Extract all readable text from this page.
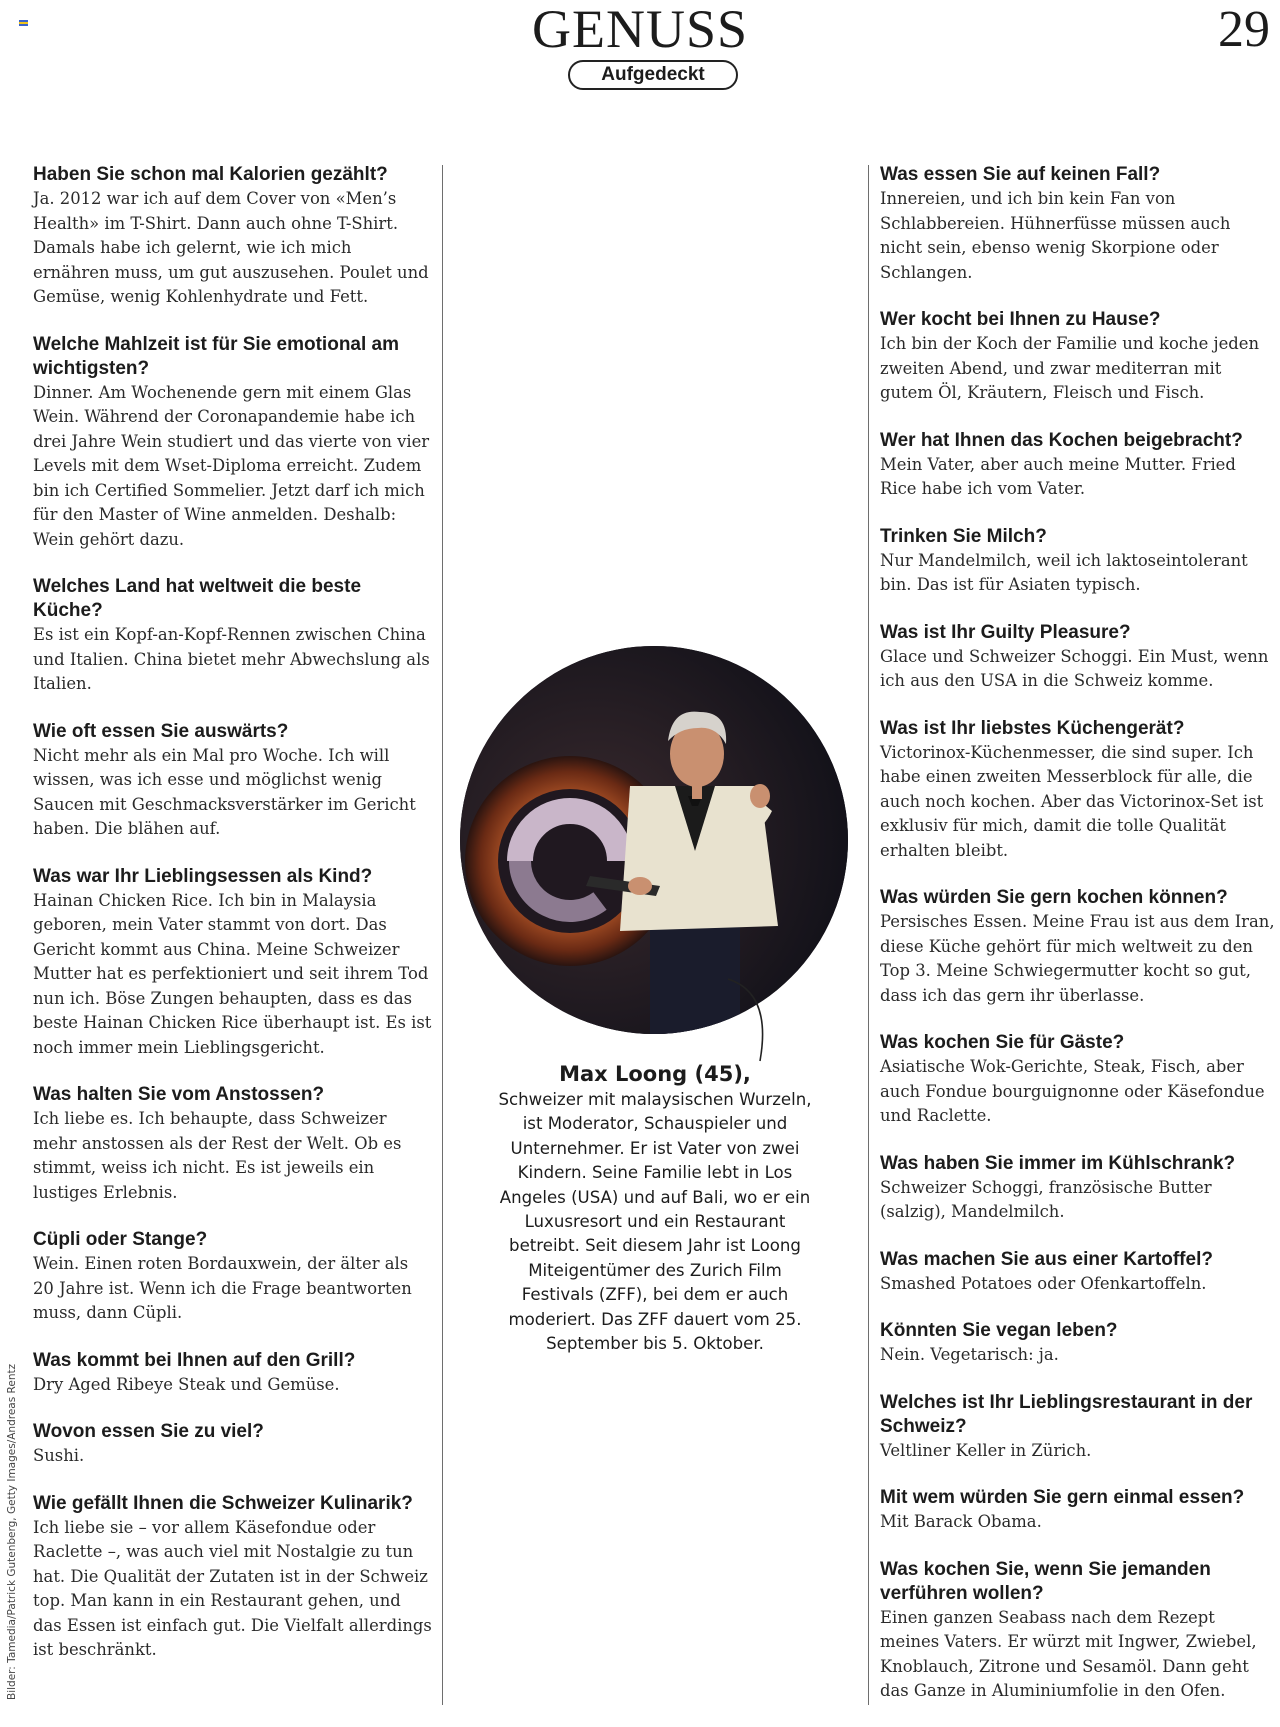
GENUSS	29
Aufgedeckt

Haben Sie schon mal Kalorien gezählt?

Ja. 2012 war ich auf dem Cover von «Men’s Health» im T-Shirt. Dann auch ohne T-Shirt. Damals habe ich gelernt, wie ich mich ernähren muss, um gut auszusehen. Poulet und Gemüse, wenig Kohlenhydrate und Fett.

Welche Mahlzeit ist für Sie emotional am wichtigsten?

Dinner. Am Wochenende gern mit einem Glas Wein. Während der Coronapandemie habe ich drei Jahre Wein studiert und das vierte von vier Levels mit dem Wset-Diploma erreicht. Zudem bin ich Certified Sommelier. Jetzt darf ich mich für den Master of Wine anmelden. Deshalb: Wein gehört dazu.

Welches Land hat weltweit die beste Küche?

Es ist ein Kopf-an-Kopf-Rennen zwischen China und Italien. China bietet mehr Abwechslung als Italien.

Wie oft essen Sie auswärts?

Nicht mehr als ein Mal pro Woche. Ich will wissen, was ich esse und möglichst wenig Saucen mit Geschmacksverstärker im Gericht haben. Die blähen auf.

Was war Ihr Lieblingsessen als Kind?

Hainan Chicken Rice. Ich bin in Malaysia geboren, mein Vater stammt von dort. Das Gericht kommt aus China. Meine Schweizer Mutter hat es perfektioniert und seit ihrem Tod nun ich. Böse Zungen behaupten, dass es das beste Hainan Chicken Rice überhaupt ist. Es ist noch immer mein Lieblingsgericht.

Was halten Sie vom Anstossen?

Ich liebe es. Ich behaupte, dass Schweizer mehr anstossen als der Rest der Welt. Ob es stimmt, weiss ich nicht. Es ist jeweils ein lustiges Erlebnis.

Cüpli oder Stange?

Wein. Einen roten Bordauxwein, der älter als 20 Jahre ist. Wenn ich die Frage beantworten muss, dann Cüpli.

Was kommt bei Ihnen auf den Grill?

Dry Aged Ribeye Steak und Gemüse.

Wovon essen Sie zu viel?

Sushi.

Wie gefällt Ihnen die Schweizer Kulinarik?

Ich liebe sie – vor allem Käsefondue oder Raclette –, was auch viel mit Nostalgie zu tun hat. Die Qualität der Zutaten ist in der Schweiz top. Man kann in ein Restaurant gehen, und das Essen ist einfach gut. Die Vielfalt allerdings ist beschränkt.

Was essen Sie auf keinen Fall?

Innereien, und ich bin kein Fan von Schlabbereien. Hühnerfüsse müssen auch nicht sein, ebenso wenig Skorpione oder Schlangen.

Wer kocht bei Ihnen zu Hause?

Ich bin der Koch der Familie und koche jeden zweiten Abend, und zwar mediterran mit gutem Öl, Kräutern, Fleisch und Fisch.

Wer hat Ihnen das Kochen beigebracht?

Mein Vater, aber auch meine Mutter. Fried Rice habe ich vom Vater.

Trinken Sie Milch?

Nur Mandelmilch, weil ich laktoseintolerant bin. Das ist für Asiaten typisch.

Was ist Ihr Guilty Pleasure?

Glace und Schweizer Schoggi. Ein Must, wenn ich aus den USA in die Schweiz komme.

Was ist Ihr liebstes Küchengerät?

Victorinox-Küchenmesser, die sind super. Ich habe einen zweiten Messerblock für alle, die auch noch kochen. Aber das Victorinox-Set ist exklusiv für mich, damit die tolle Qualität erhalten bleibt.

Was würden Sie gern kochen können?

Persisches Essen. Meine Frau ist aus dem Iran, diese Küche gehört für mich weltweit zu den Top 3. Meine Schwiegermutter kocht so gut, dass ich das gern ihr überlasse.

Was kochen Sie für Gäste?

Asiatische Wok-Gerichte, Steak, Fisch, aber auch Fondue bourguignonne oder Käsefondue und Raclette.

Was haben Sie immer im Kühlschrank?

Schweizer Schoggi, französische Butter (salzig), Mandelmilch.

Was machen Sie aus einer Kartoffel?

Smashed Potatoes oder Ofenkartoffeln.

Könnten Sie vegan leben?

Nein. Vegetarisch: ja.

Welches ist Ihr Lieblingsrestaurant in der Schweiz?

Veltliner Keller in Zürich.

Mit wem würden Sie gern einmal essen?

Mit Barack Obama.

Was kochen Sie, wenn Sie jemanden verführen wollen?

Einen ganzen Seabass nach dem Rezept meines Vaters. Er würzt mit Ingwer, Zwiebel, Knoblauch, Zitrone und Sesamöl. Dann geht das Ganze in Aluminiumfolie in den Ofen.

Max Loong (45),

Schweizer mit malaysischen Wurzeln, ist Moderator, Schauspieler und Unternehmer. Er ist Vater von zwei Kindern. Seine Familie lebt in Los Angeles (USA) und auf Bali, wo er ein Luxusresort und ein Restaurant betreibt. Seit diesem Jahr ist Loong Miteigentümer des Zurich Film Festivals (ZFF), bei dem er auch moderiert. Das ZFF dauert vom 25. September bis 5. Oktober.

Bilder: Tamedia/Patrick Gutenberg, Getty Images/Andreas Rentz
